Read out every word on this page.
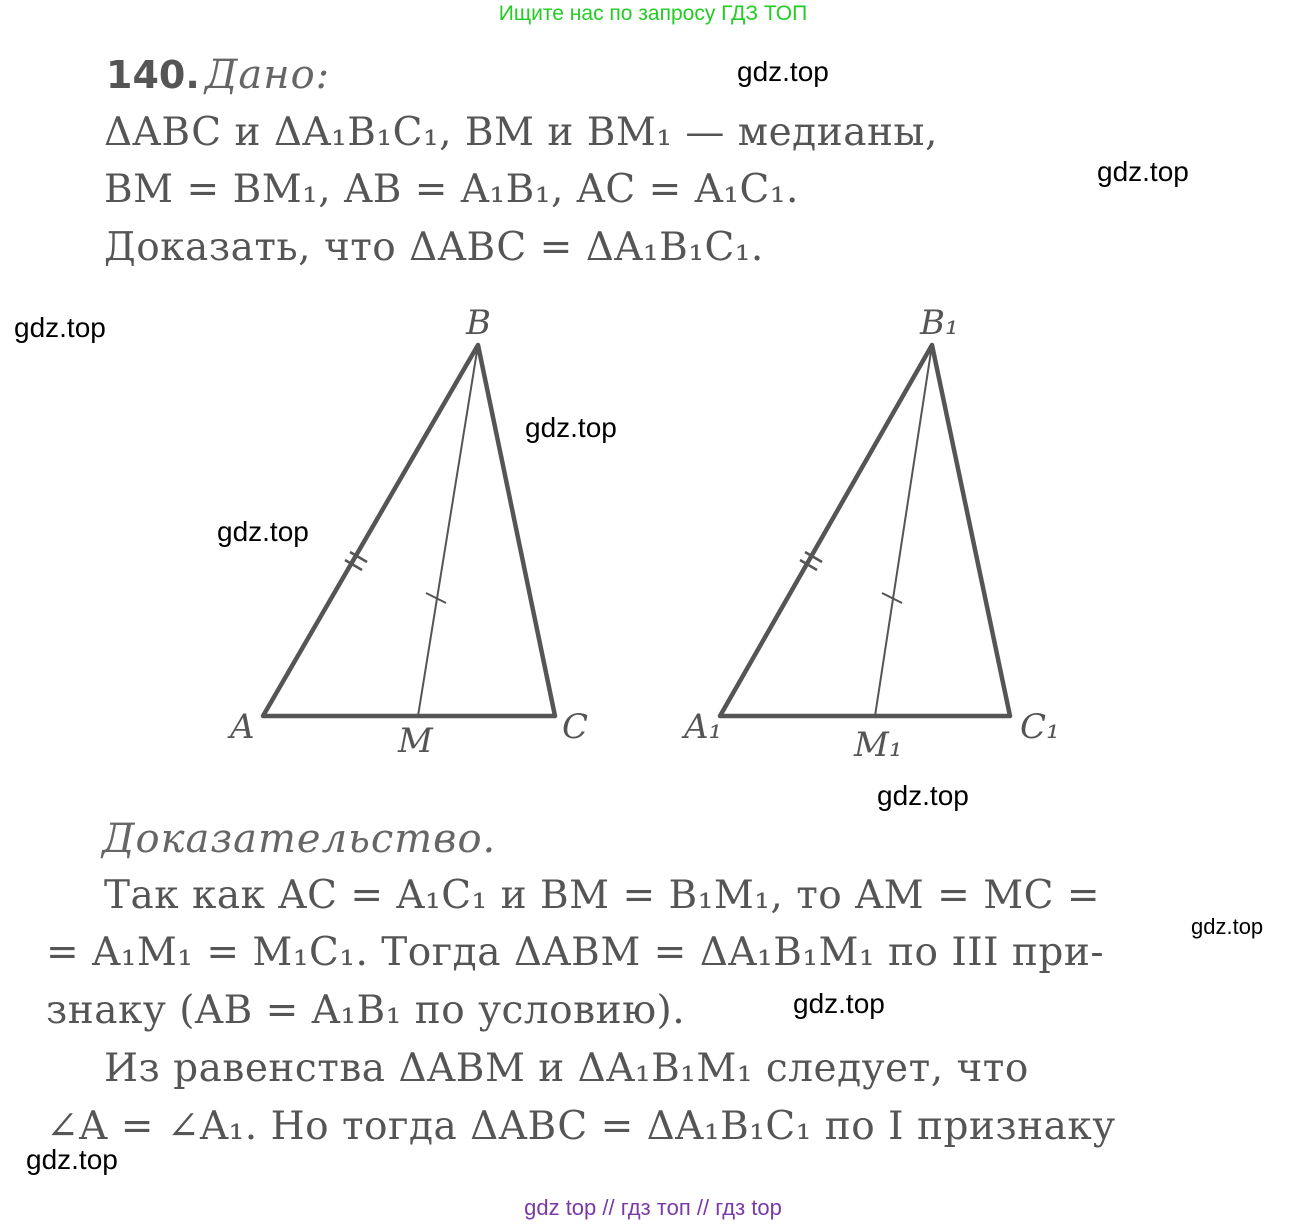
Ищите нас по запросу ГДЗ ТОП
140. Дано:
ΔABC и ΔA₁B₁C₁, BM и BM₁ — медианы,
BM = BM₁, AB = A₁B₁, AC = A₁C₁.
Доказать, что ΔABC = ΔA₁B₁C₁.
B
A	C
M
B₁
A₁	C₁
M₁
Доказательство.
Так как AC = A₁C₁ и BM = B₁M₁, то AM = MC =
= A₁M₁ = M₁C₁. Тогда ΔABM = ΔA₁B₁M₁ по III при-
знаку (AB = A₁B₁ по условию).
Из равенства ΔABM и ΔA₁B₁M₁ следует, что
∠A = ∠A₁. Но тогда ΔABC = ΔA₁B₁C₁ по I признаку
gdz.top
gdz.top
gdz.top
gdz.top
gdz.top
gdz.top
gdz.top
gdz.top
gdz.top
gdz top // гдз топ // гдз top
